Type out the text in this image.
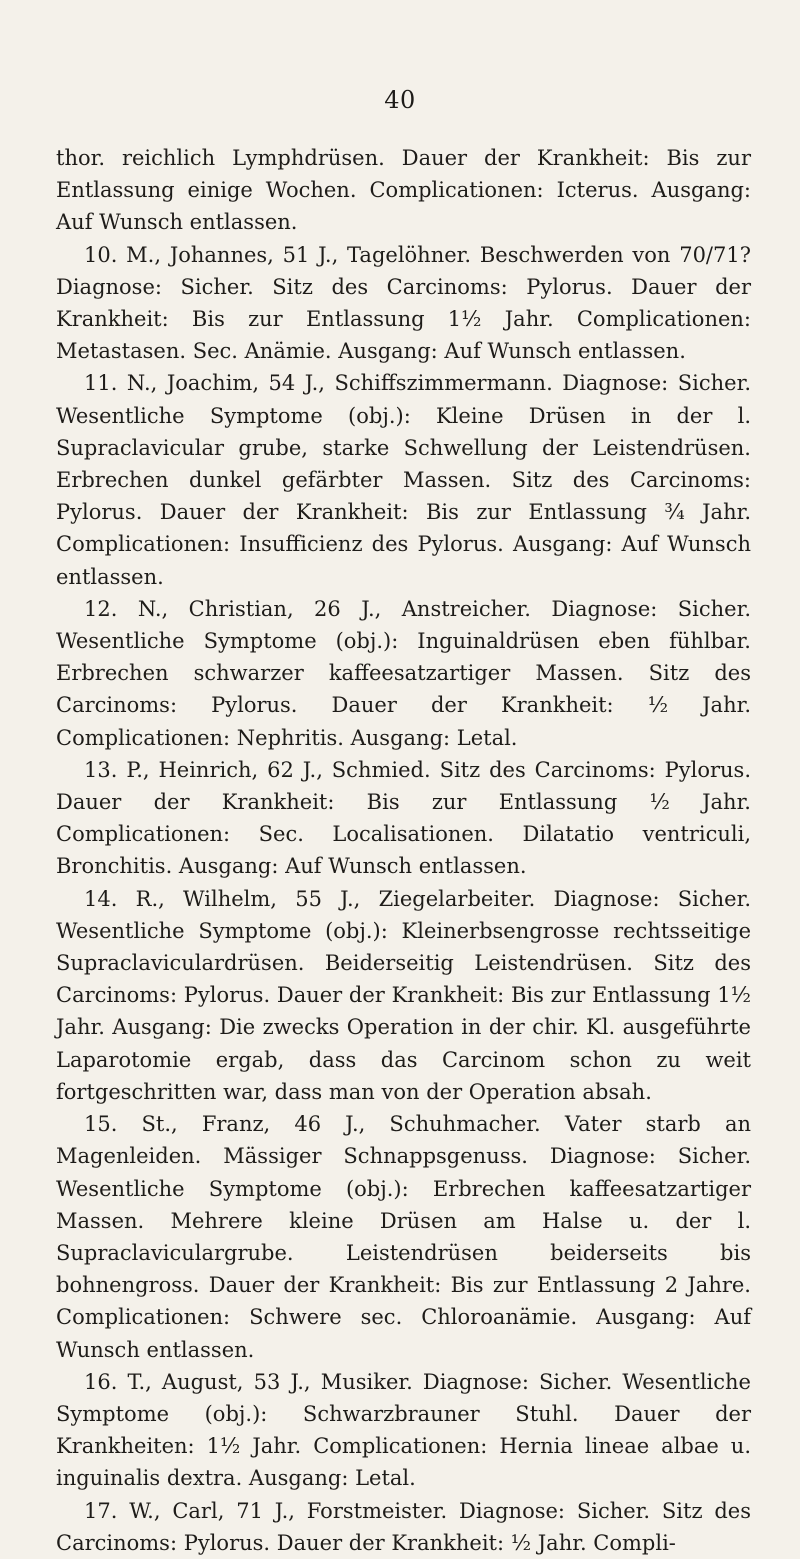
40

thor. reichlich Lymphdrüsen. Dauer der Krankheit: Bis zur Entlassung einige Wochen. Complicationen: Icterus. Ausgang: Auf Wunsch entlassen.

10. M., Johannes, 51 J., Tagelöhner. Beschwerden von 70/71? Diagnose: Sicher. Sitz des Carcinoms: Pylorus. Dauer der Krankheit: Bis zur Entlassung 1½ Jahr. Complicationen: Metastasen. Sec. Anämie. Ausgang: Auf Wunsch entlassen.

11. N., Joachim, 54 J., Schiffszimmermann. Diagnose: Sicher. Wesentliche Symptome (obj.): Kleine Drüsen in der l. Supraclavicular grube, starke Schwellung der Leistendrüsen. Erbrechen dunkel gefärbter Massen. Sitz des Carcinoms: Pylorus. Dauer der Krankheit: Bis zur Entlassung ¾ Jahr. Complicationen: Insufficienz des Pylorus. Ausgang: Auf Wunsch entlassen.

12. N., Christian, 26 J., Anstreicher. Diagnose: Sicher. Wesentliche Symptome (obj.): Inguinaldrüsen eben fühlbar. Erbrechen schwarzer kaffeesatzartiger Massen. Sitz des Carcinoms: Pylorus. Dauer der Krankheit: ½ Jahr. Complicationen: Nephritis. Ausgang: Letal.

13. P., Heinrich, 62 J., Schmied. Sitz des Carcinoms: Pylorus. Dauer der Krankheit: Bis zur Entlassung ½ Jahr. Complicationen: Sec. Localisationen. Dilatatio ventriculi, Bronchitis. Ausgang: Auf Wunsch entlassen.

14. R., Wilhelm, 55 J., Ziegelarbeiter. Diagnose: Sicher. Wesentliche Symptome (obj.): Kleinerbsengrosse rechtsseitige Supraclaviculardrüsen. Beiderseitig Leistendrüsen. Sitz des Carcinoms: Pylorus. Dauer der Krankheit: Bis zur Entlassung 1½ Jahr. Ausgang: Die zwecks Operation in der chir. Kl. ausgeführte Laparotomie ergab, dass das Carcinom schon zu weit fortgeschritten war, dass man von der Operation absah.

15. St., Franz, 46 J., Schuhmacher. Vater starb an Magenleiden. Mässiger Schnappsgenuss. Diagnose: Sicher. Wesentliche Symptome (obj.): Erbrechen kaffeesatzartiger Massen. Mehrere kleine Drüsen am Halse u. der l. Supraclaviculargrube. Leistendrüsen beiderseits bis bohnengross. Dauer der Krankheit: Bis zur Entlassung 2 Jahre. Complicationen: Schwere sec. Chloroanämie. Ausgang: Auf Wunsch entlassen.

16. T., August, 53 J., Musiker. Diagnose: Sicher. Wesentliche Symptome (obj.): Schwarzbrauner Stuhl. Dauer der Krankheiten: 1½ Jahr. Complicationen: Hernia lineae albae u. inguinalis dextra. Ausgang: Letal.

17. W., Carl, 71 J., Forstmeister. Diagnose: Sicher. Sitz des Carcinoms: Pylorus. Dauer der Krankheit: ½ Jahr. Compli-
